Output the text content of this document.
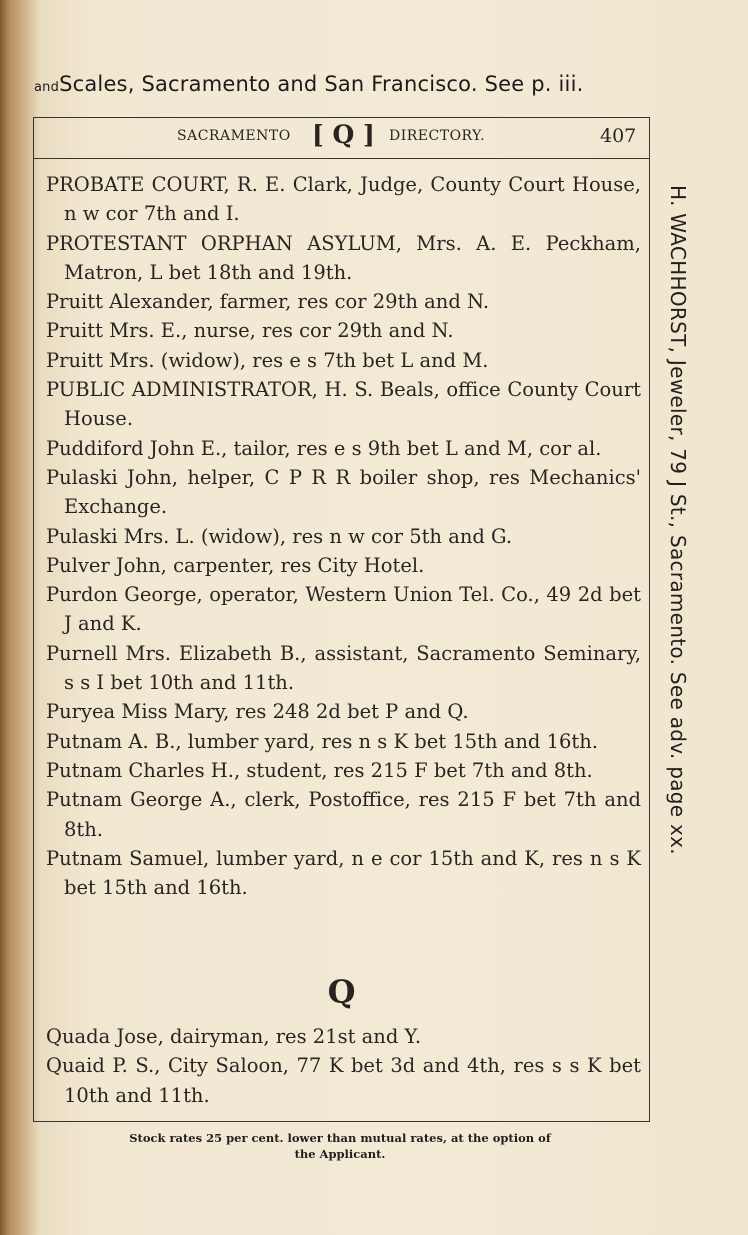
andScales, Sacramento and San Francisco. See p. iii.
SACRAMENTO [ Q ] DIRECTORY.	407
PROBATE COURT, R. E. Clark, Judge, County Court House, n w cor 7th and I.
PROTESTANT ORPHAN ASYLUM, Mrs. A. E. Peckham, Matron, L bet 18th and 19th.
Pruitt Alexander, farmer, res cor 29th and N.
Pruitt Mrs. E., nurse, res cor 29th and N.
Pruitt Mrs. (widow), res e s 7th bet L and M.
PUBLIC ADMINISTRATOR, H. S. Beals, office County Court House.
Puddiford John E., tailor, res e s 9th bet L and M, cor al.
Pulaski John, helper, C P R R boiler shop, res Mechanics' Exchange.
Pulaski Mrs. L. (widow), res n w cor 5th and G.
Pulver John, carpenter, res City Hotel.
Purdon George, operator, Western Union Tel. Co., 49 2d bet J and K.
Purnell Mrs. Elizabeth B., assistant, Sacramento Seminary, s s I bet 10th and 11th.
Puryea Miss Mary, res 248 2d bet P and Q.
Putnam A. B., lumber yard, res n s K bet 15th and 16th.
Putnam Charles H., student, res 215 F bet 7th and 8th.
Putnam George A., clerk, Postoffice, res 215 F bet 7th and 8th.
Putnam Samuel, lumber yard, n e cor 15th and K, res n s K bet 15th and 16th.
Q
Quada Jose, dairyman, res 21st and Y.
Quaid P. S., City Saloon, 77 K bet 3d and 4th, res s s K bet 10th and 11th.
H. WACHHORST, Jeweler, 79 J St., Sacramento. See adv. page xx.
Stock rates 25 per cent. lower than mutual rates, at the option of
the Applicant.
